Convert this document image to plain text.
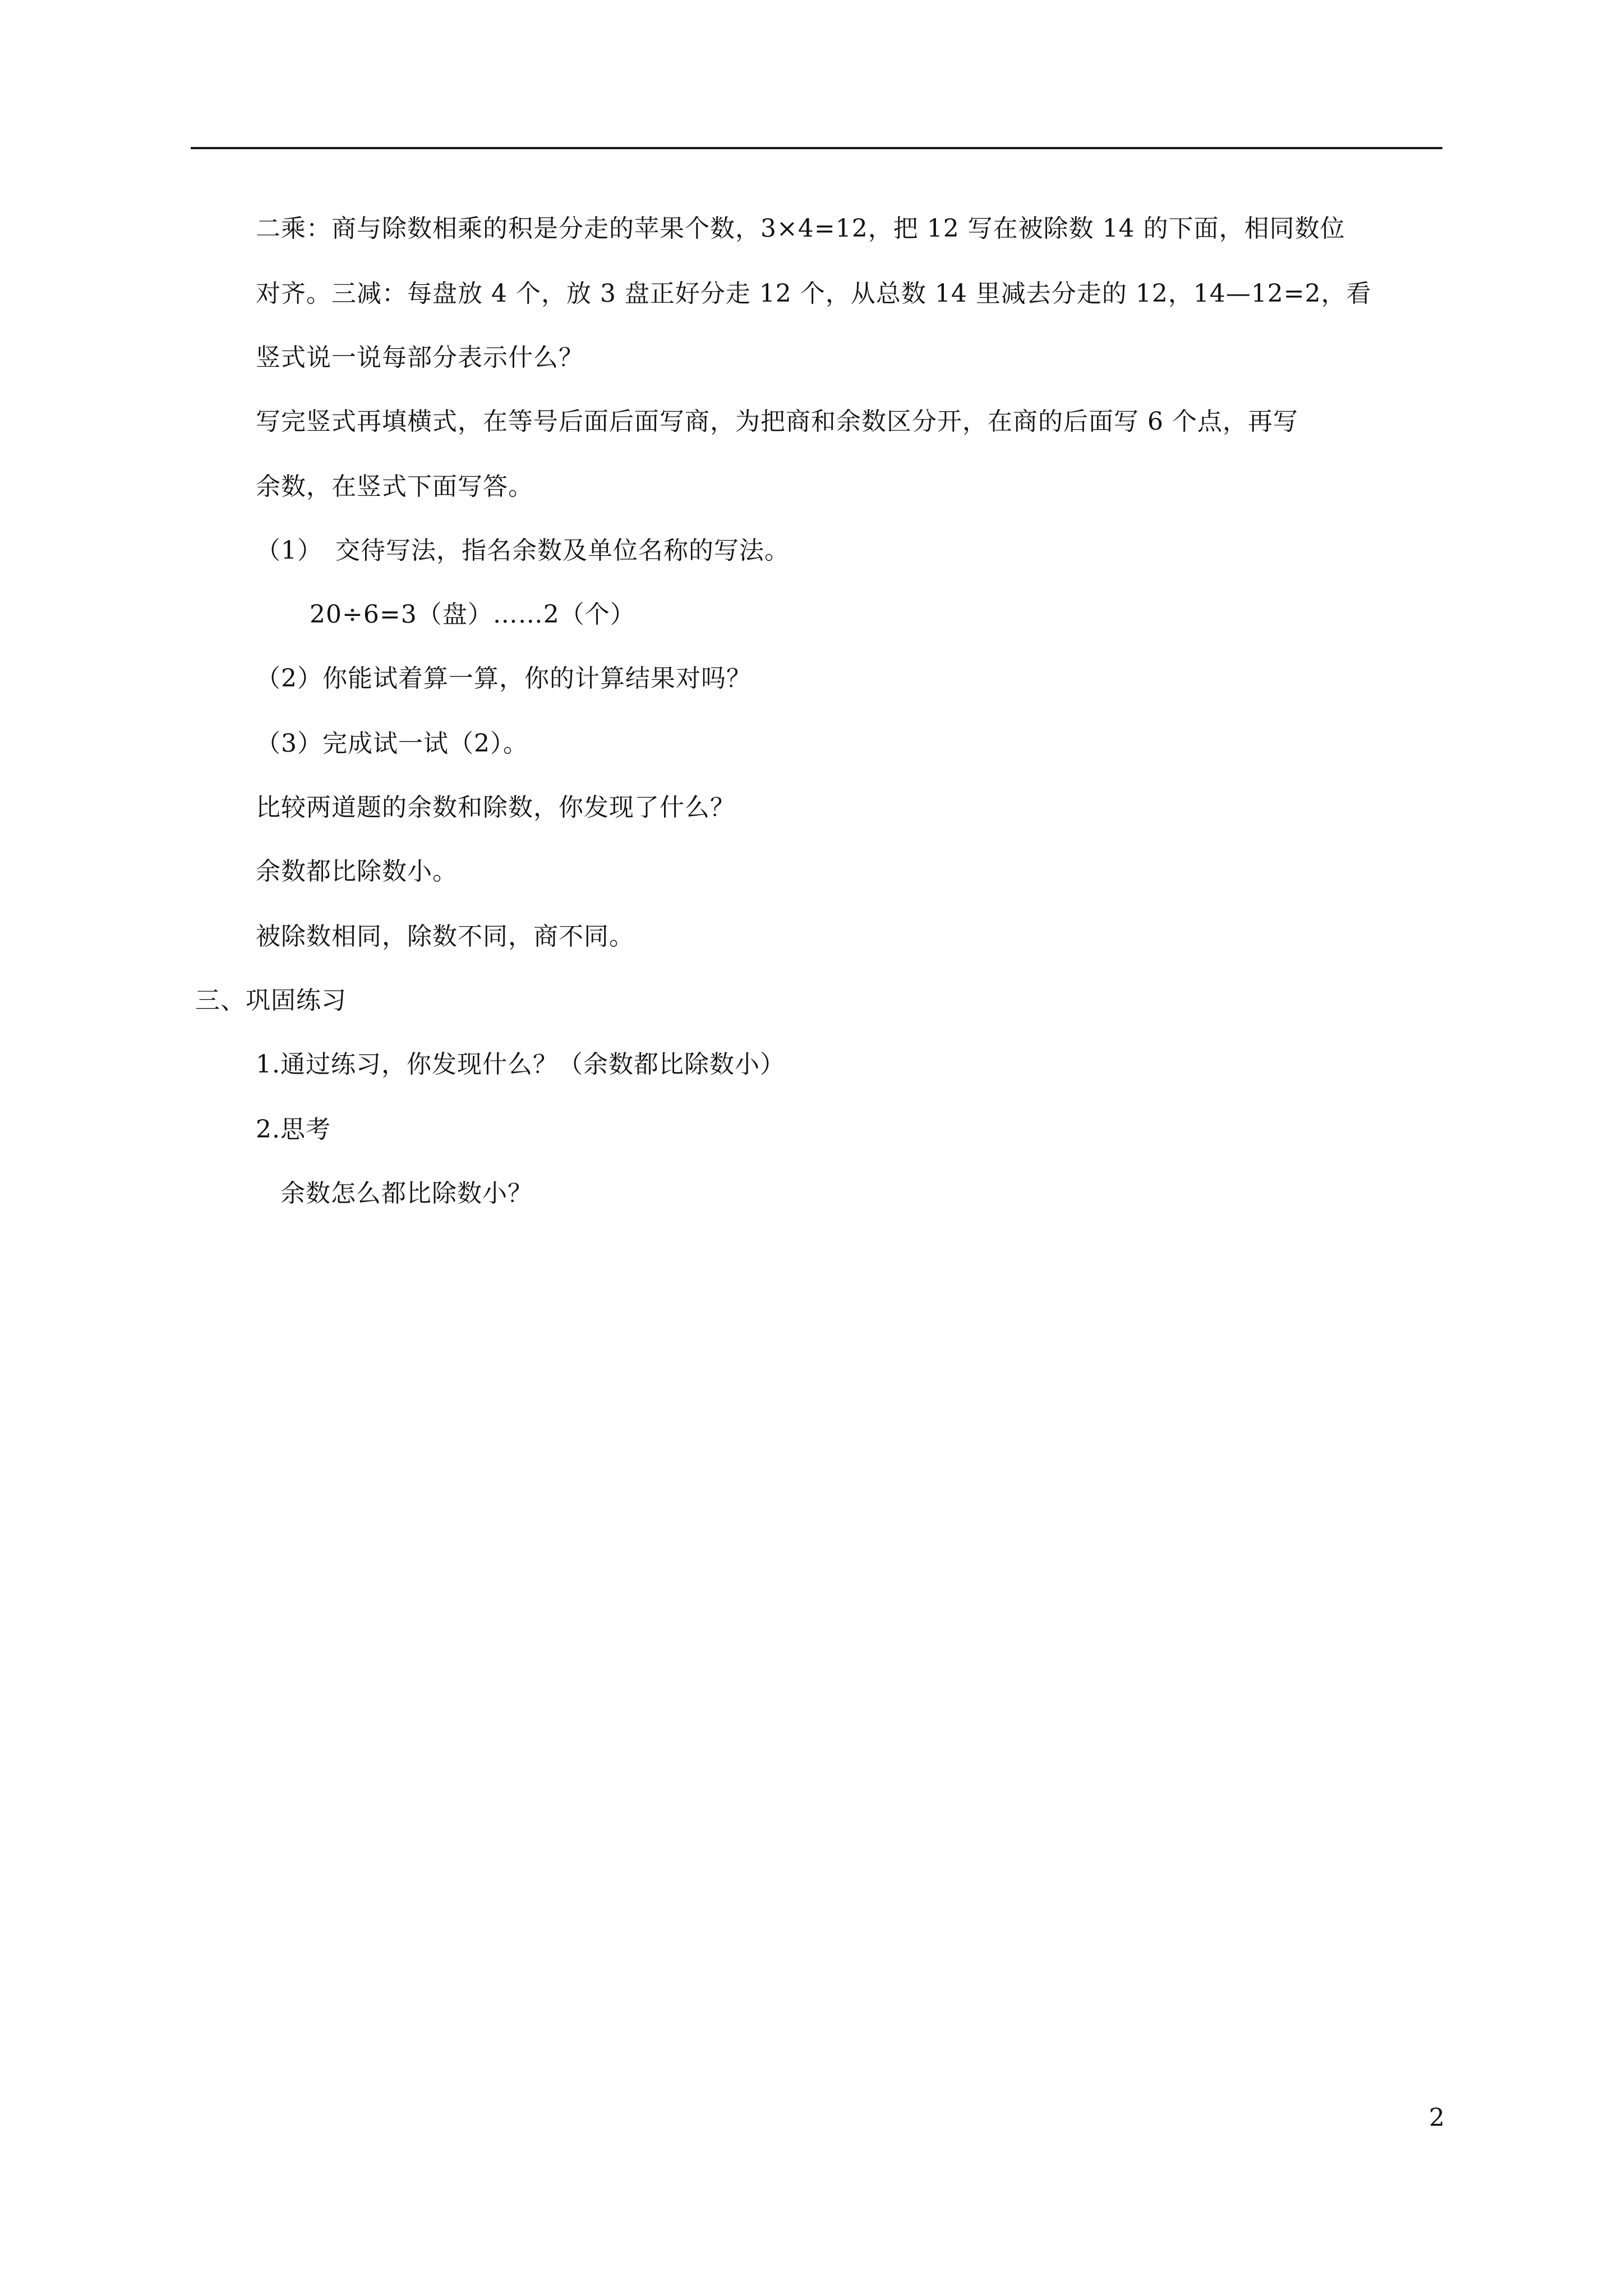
二乘：商与除数相乘的积是分走的苹果个数，3×4=12，把 12 写在被除数 14 的下面，相同数位
对齐。三减：每盘放 4 个，放 3 盘正好分走 12 个，从总数 14 里减去分走的 12，14—12=2，看
竖式说一说每部分表示什么？
写完竖式再填横式，在等号后面后面写商，为把商和余数区分开，在商的后面写 6 个点，再写
余数，在竖式下面写答。
（1）　交待写法，指名余数及单位名称的写法。
20÷6=3（盘）……2（个）
（2）你能试着算一算，你的计算结果对吗？
（3）完成试一试（2）。
比较两道题的余数和除数，你发现了什么？
余数都比除数小。
被除数相同，除数不同，商不同。
三、巩固练习
1.通过练习，你发现什么？（余数都比除数小）
2.思考
余数怎么都比除数小？
2
